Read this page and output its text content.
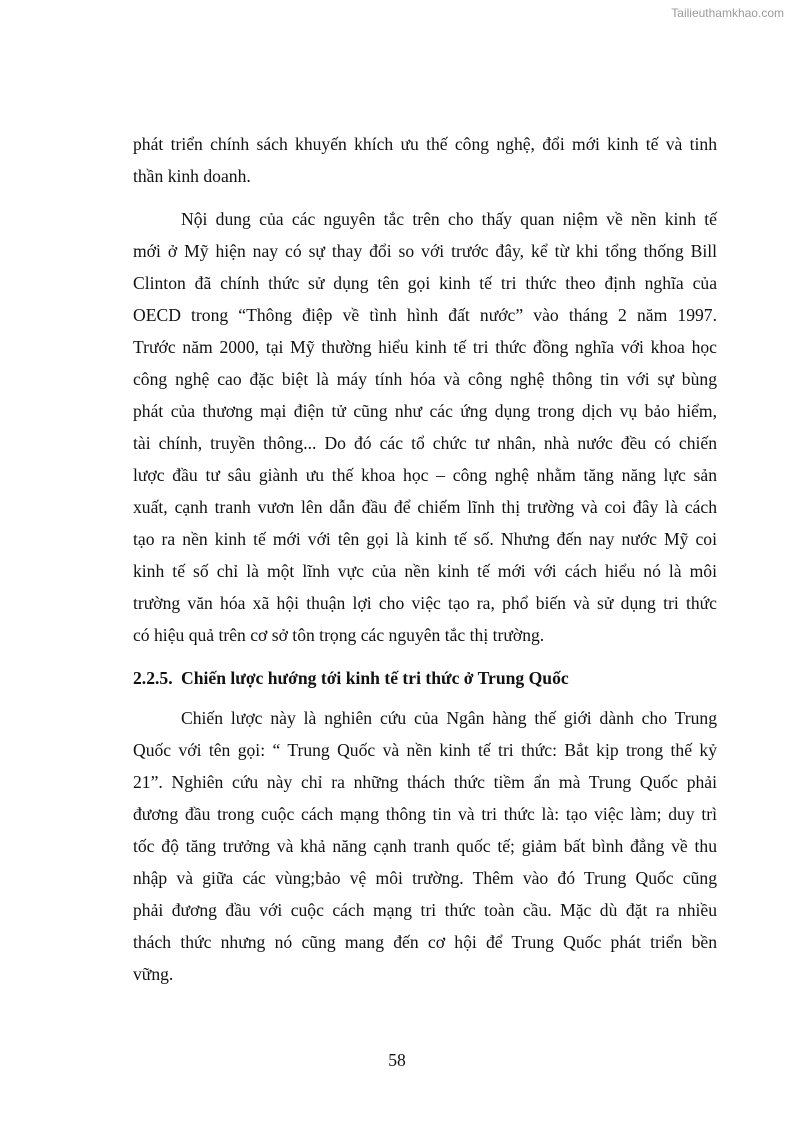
Tailieuthamkhao.com
phát triển chính sách khuyến khích ưu thế công nghệ, đổi mới kinh tế và tinh
thần kinh doanh.
Nội dung của các nguyên tắc trên cho thấy quan niệm về nền kinh tế
mới ở Mỹ hiện nay có sự thay đổi so với trước đây, kể từ khi tổng thống Bill
Clinton đã chính thức sử dụng tên gọi kinh tế tri thức theo định nghĩa của
OECD trong “Thông điệp về tình hình đất nước” vào tháng 2 năm 1997.
Trước năm 2000, tại Mỹ thường hiểu kinh tế tri thức đồng nghĩa với khoa học
công nghệ cao đặc biệt là máy tính hóa và công nghệ thông tin với sự bùng
phát của thương mại điện tử cũng như các ứng dụng trong dịch vụ bảo hiểm,
tài chính, truyền thông... Do đó các tổ chức tư nhân, nhà nước đều có chiến
lược đầu tư sâu giành ưu thế khoa học – công nghệ nhằm tăng năng lực sản
xuất, cạnh tranh vươn lên dẫn đầu để chiếm lĩnh thị trường và coi đây là cách
tạo ra nền kinh tế mới với tên gọi là kinh tế số. Nhưng đến nay nước Mỹ coi
kinh tế số chỉ là một lĩnh vực của nền kinh tế mới với cách hiểu nó là môi
trường văn hóa xã hội thuận lợi cho việc tạo ra, phổ biến và sử dụng tri thức
có hiệu quả trên cơ sở tôn trọng các nguyên tắc thị trường.
2.2.5. Chiến lược hướng tới kinh tế tri thức ở Trung Quốc
Chiến lược này là nghiên cứu của Ngân hàng thế giới dành cho Trung
Quốc với tên gọi: “ Trung Quốc và nền kinh tế tri thức: Bắt kịp trong thế kỷ
21”. Nghiên cứu này chỉ ra những thách thức tiềm ẩn mà Trung Quốc phải
đương đầu trong cuộc cách mạng thông tin và tri thức là: tạo việc làm; duy trì
tốc độ tăng trưởng và khả năng cạnh tranh quốc tế; giảm bất bình đẳng về thu
nhập và giữa các vùng;bảo vệ môi trường. Thêm vào đó Trung Quốc cũng
phải đương đầu với cuộc cách mạng tri thức toàn cầu. Mặc dù đặt ra nhiều
thách thức nhưng nó cũng mang đến cơ hội để Trung Quốc phát triển bền
vững.
58
